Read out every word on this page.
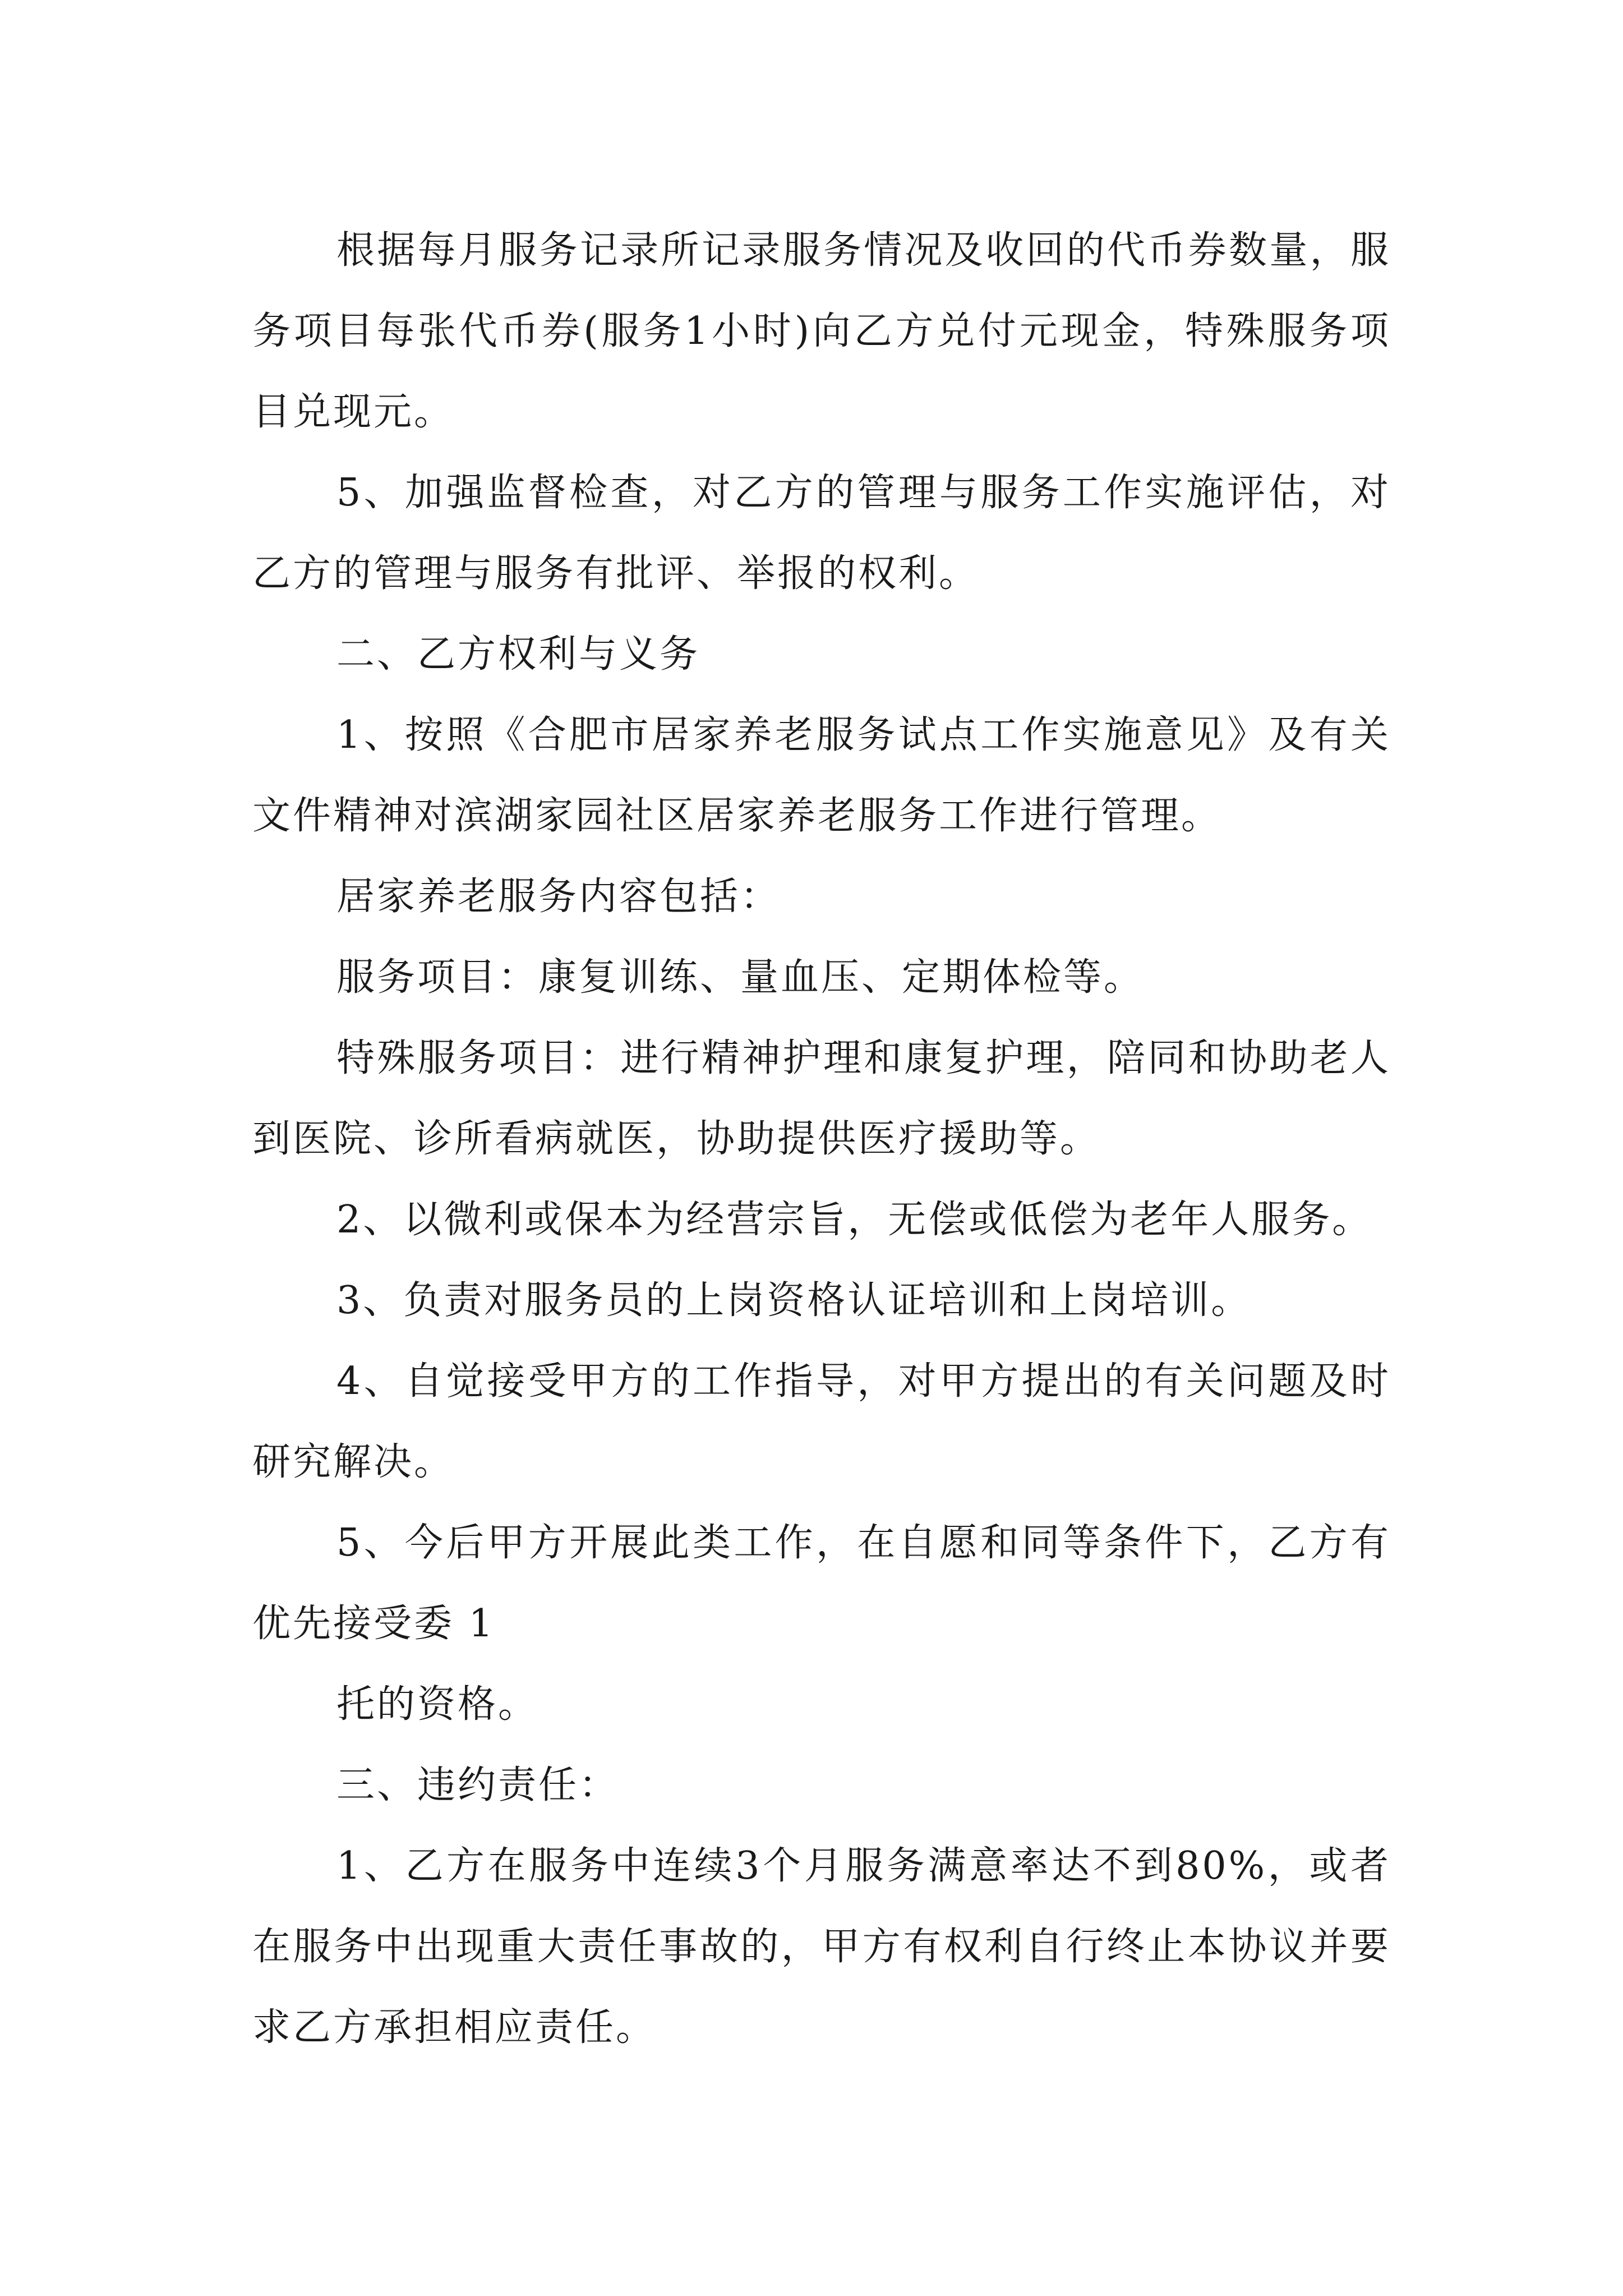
根据每月服务记录所记录服务情况及收回的代币券数量，服务项目每张代币券(服务1小时)向乙方兑付元现金，特殊服务项目兑现元。

5、加强监督检查，对乙方的管理与服务工作实施评估，对乙方的管理与服务有批评、举报的权利。

二、乙方权利与义务

1、按照《合肥市居家养老服务试点工作实施意见》及有关文件精神对滨湖家园社区居家养老服务工作进行管理。

居家养老服务内容包括：

服务项目：康复训练、量血压、定期体检等。

特殊服务项目：进行精神护理和康复护理，陪同和协助老人到医院、诊所看病就医，协助提供医疗援助等。

2、以微利或保本为经营宗旨，无偿或低偿为老年人服务。

3、负责对服务员的上岗资格认证培训和上岗培训。

4、自觉接受甲方的工作指导，对甲方提出的有关问题及时研究解决。

5、今后甲方开展此类工作，在自愿和同等条件下，乙方有优先接受委 1

托的资格。

三、违约责任：

1、乙方在服务中连续3个月服务满意率达不到80%，或者在服务中出现重大责任事故的，甲方有权利自行终止本协议并要求乙方承担相应责任。
